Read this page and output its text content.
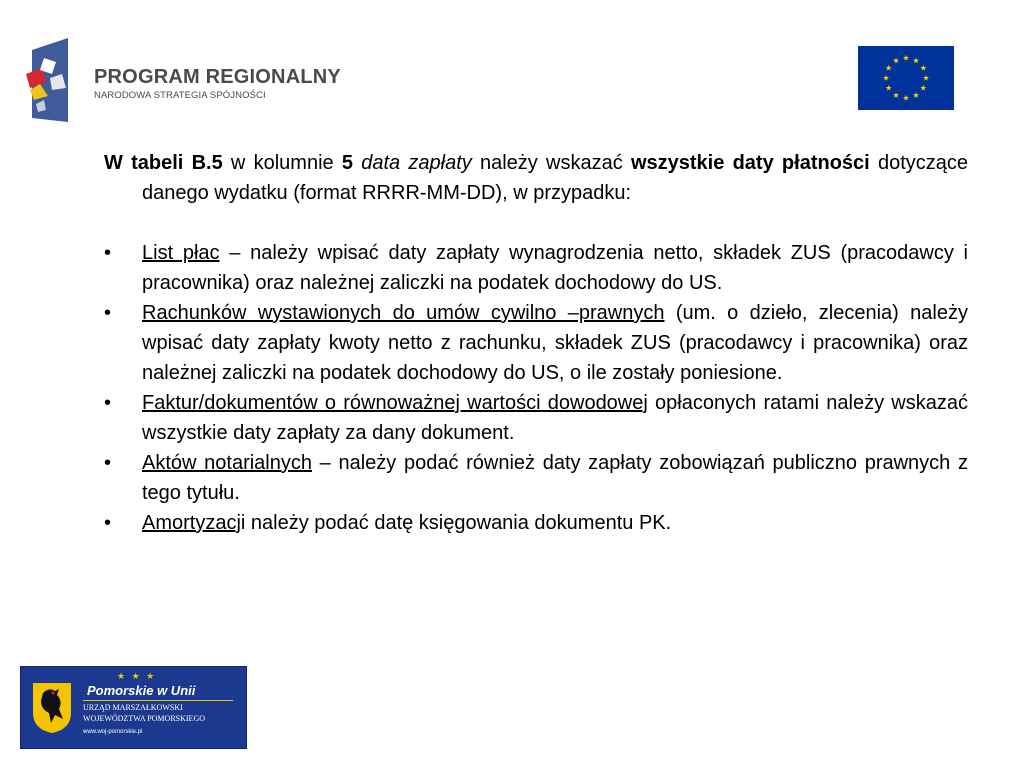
PROGRAM REGIONALNY
NARODOWA STRATEGIA SPÓJNOŚCI

W tabeli B.5 w kolumnie 5 data zapłaty należy wskazać wszystkie daty płatności dotyczące danego wydatku (format RRRR-MM-DD), w przypadku:

• List płac – należy wpisać daty zapłaty wynagrodzenia netto, składek ZUS (pracodawcy i pracownika) oraz należnej zaliczki na podatek dochodowy do US.
• Rachunków wystawionych do umów cywilno –prawnych (um. o dzieło, zlecenia) należy wpisać daty zapłaty kwoty netto z rachunku, składek ZUS (pracodawcy i pracownika) oraz należnej zaliczki na podatek dochodowy do US, o ile zostały poniesione.
• Faktur/dokumentów o równoważnej wartości dowodowej opłaconych ratami należy wskazać wszystkie daty zapłaty za dany dokument.
• Aktów notarialnych – należy podać również daty zapłaty zobowiązań publiczno prawnych z tego tytułu.
• Amortyzacji należy podać datę księgowania dokumentu PK.
★ ★ ★
Pomorskie w Unii
URZĄD MARSZAŁKOWSKI
WOJEWÓDZTWA POMORSKIEGO
www.woj-pomorskie.pl
